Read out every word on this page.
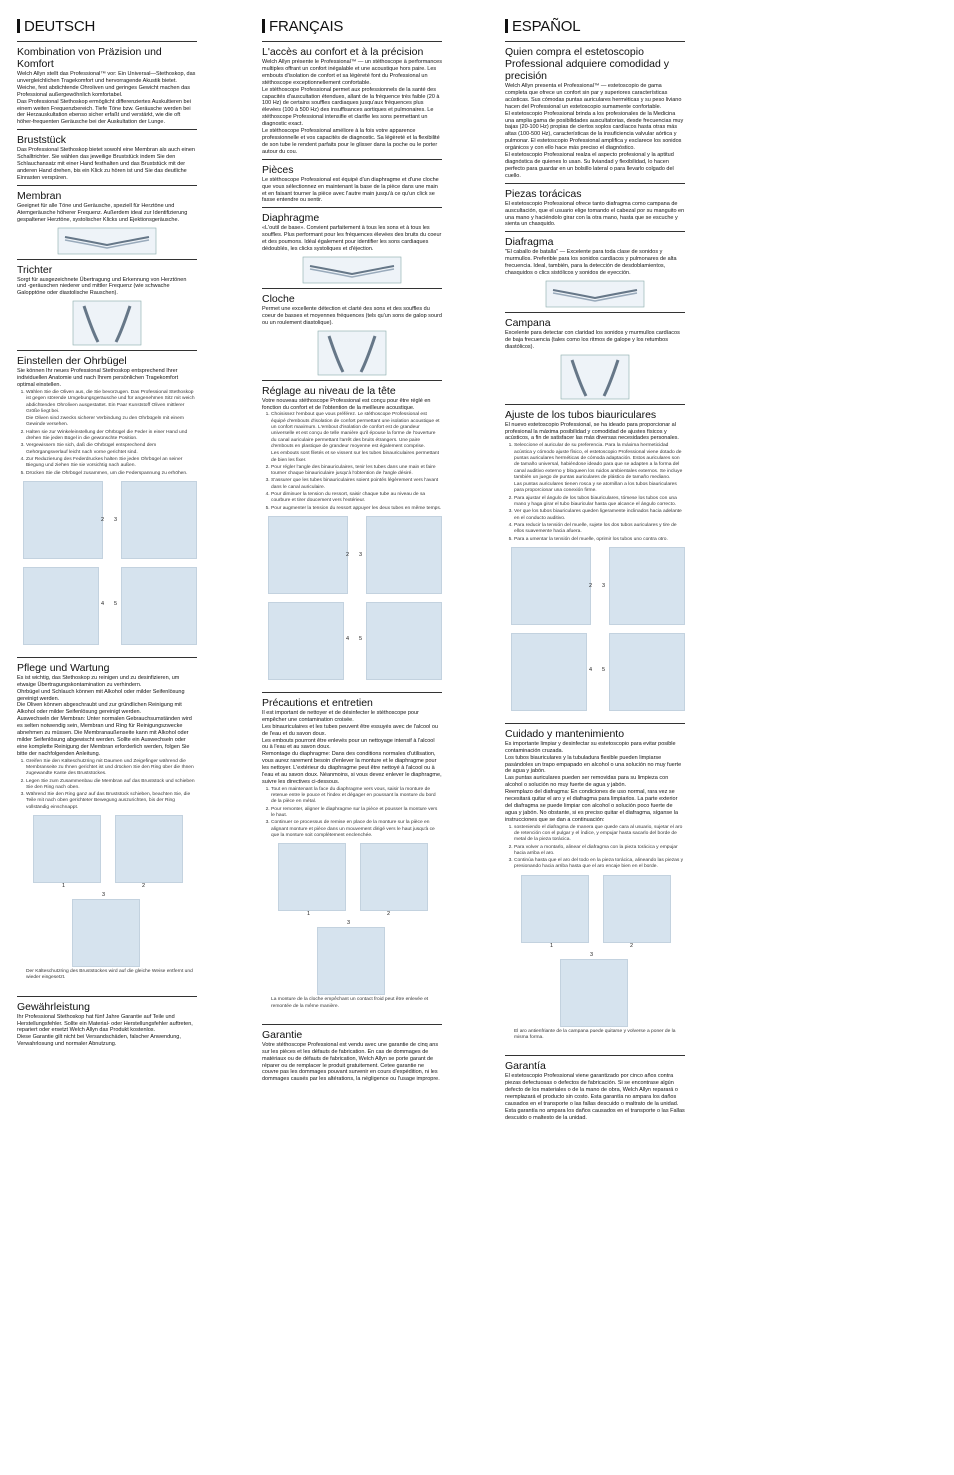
DEUTSCH
Kombination von Präzision und Komfort

Welch Allyn stellt das Professional™ vor: Ein Universal—Stethoskop, das unvergleichlichen Tragekomfort und hervorragende Akustik bietet. Weiche, fest abdichtende Ohroliven und geringes Gewicht machen das Professional außergewöhnlich komfortabel.
Das Professional Stethoskop ermöglicht differenziertes Auskultieren bei einem weiten Frequenzbereich. Tiefe Töne bzw. Geräusche werden bei der Herzauskultation ebenso sicher erfaßt und verstärkt, wie die oft höher-frequenten Geräusche bei der Auskultation der Lunge.

Bruststück

Das Professional Stethoskop bietet sowohl eine Membran als auch einen Schalltrichter. Sie wählen das jeweilige Bruststück indem Sie den Schlauchansatz mit einer Hand festhalten und das Bruststück mit der anderen Hand drehen, bis ein Klick zu hören ist und Sie das deutliche Einrasten verspüren.

Membran

Geeignet für alle Töne und Geräusche, speziell für Herztöne und Atemgeräusche höherer Frequenz. Außerdem ideal zur Identifizierung gespaltener Herztöne, systolischer Klicks und Ejektionsgeräusche.

Trichter

Sorgt für ausgezeichnete Übertragung und Erkennung von Herztönen und -geräuschen niederer und mittler Frequenz (wie schwache Galopptöne oder diastolische Rauschen).

Einstellen der Ohrbügel

Sie können Ihr neues Professional Stethoskop entsprechend Ihrer individuellen Anatomie und nach Ihrem persönlichen Tragekomfort optimal einstellen.

1. Wählen Sie die Oliven aus, die Sie bevorzugen. Das Professional Stethoskop ist gegen störende Umgebungsgeräusche und für angenehmen Sitz mit weich abdichtenden Ohroliven ausgestattet. Ein Paar Kunststoff Oliven mittlerer Größe liegt bei.
Die Oliven sind zwecks sicherer Verbindung zu den Ohrbügeln mit einem Gewinde versehen.
2. Halten sie zur Winkeleinstellung der Ohrbügel die Feder in einer Hand und drehen Sie jeden Bügel in die gewünschte Position.
3. Vergewissern Sie sich, daß die Ohrbügel entsprechend dem Gehörgangsverlauf leicht nach vorne gerichtet sind.
4. Zur Reduzierung des Federdruckes halten Sie jeden Ohrbügel an seiner Biegung und ziehen Sie sie vorsichtig nach außen.
5. Drücken Sie die Ohrbügel zusammen, um die Federspannung zu erhöhen.
2 3
4 5
Pflege und Wartung

Es ist wichtig, das Stethoskop zu reinigen und zu desinfizieren, um etwaige Übertragungskontamination zu verhindern.
Ohrbügel und Schlauch können mit Alkohol oder milder Seifenlösung gereinigt werden.
Die Oliven können abgeschraubt und zur gründlichen Reinigung mit Alkohol oder milder Seifenlösung gereinigt werden.
Auswechseln der Membran: Unter normalen Gebrauchsumständen wird es selten notwendig sein, Membran und Ring für Reinigungszwecke abnehmen zu müssen. Die Membranaußenseite kann mit Alkohol oder milder Seifenlösung abgewischt werden. Sollte ein Auswechseln oder eine komplette Reinigung der Membran erforderlich werden, folgen Sie bitte der nachfolgenden Anleitung.

1. Greifen Sie den Kälteschutzring mit Daumen und Zeigefinger während die Membranseite zu Ihnen gerichtet ist und drücken Sie den Ring über die Ihnen zugewandte Kante des Bruststückes.
2. Legen Sie zum Zusammenbau die Membran auf das Bruststück und schieben Sie den Ring nach oben.
3. Während Sie den Ring ganz auf das Bruststück schieben, beachten Sie, die Teile mit nach oben gerichteter Bewegung auszurichten, bis der Ring vollständig einschnappt.
1	2
3
Der Kälteschutzring des Bruststückes wird auf die gleiche Weise entfernt und wieder eingesetzt.
Gewährleistung

Ihr Professional Stethoskop hat fünf Jahre Garantie auf Teile und Herstellungsfehler. Sollte ein Material- oder Herstellungsfehler auftreten, repariert oder ersetzt Welch Allyn das Produkt kostenlos.
Diese Garantie gilt nicht bei Versandschäden, falscher Anwendung, Verwahrlosung und normaler Abnutzung.

FRANÇAIS
L'accès au confort et à la précision

Welch Allyn présente le Professional™ — un stéthoscope à performances multiples offrant un confort inégalable et une acoustique hors paire. Les embouts d'isolation de confort et sa légèreté font du Professional un stéthoscope exceptionnellement confortable.
Le stéthoscope Professional permet aux professionnels de la santé des capacités d'auscultation étendues, allant de la fréquence très faible (20 à 100 Hz) de certains souffles cardiaques jusqu'aux fréquences plus élevées (100 à 500 Hz) des insuffisances aortiques et pulmonaires. Le stéthoscope Professional intensifie et clarifie les sons permettant un diagnostic exact.
Le stéthoscope Professional améliore à la fois votre apparence professionnelle et vos capacités de diagnostic. Sa légèreté et la flexibilité de son tube le rendent parfaits pour le glisser dans la poche ou le porter autour du cou.

Pièces

Le stéthoscope Professional est équipé d'un diaphragme et d'une cloche que vous sélectionnez en maintenant la base de la pièce dans une main et en faisant tourner la pièce avec l'autre main jusqu'à ce qu'un click se fasse entendre ou sentir.

Diaphragme

«L'outil de base». Convient parfaitement à tous les sons et à tous les souffles. Plus performant pour les fréquences élevées des bruits du coeur et des poumons. Idéal également pour identifier les sons cardiaques dédoublés, les clicks systoliques et d'éjection.

Cloche

Permet une excellente détection et clarté des sons et des souffles du coeur de basses et moyennes fréquences (tels qu'un sons de galop sourd ou un roulement diastolique).

Réglage au niveau de la tête

Votre nouveau stéthoscope Professional est conçu pour être réglé en fonction du confort et de l'obtention de la meilleure acoustique.

1. Choisissez l'embout que vous préférez. Le stéthoscope Professional est équipé d'embouts d'isolation de confort permettant une isolation acoustique et un confort maximum. L'embout d'isolation de confort est de grandeur universelle et est conçu de telle manière qu'il épouse la forme de l'ouverture du canal auriculaire permettant l'arrêt des bruits étrangers. Une paire d'embouts en plastique de grandeur moyenne est également comprise.
Les embouts sont filetés et se vissent sur les tubes binauriculaires permettant de bien les fixer.
2. Pour régler l'angle des binauriculaires, tenir les tubes dans une main et faire tourner chaque binauriculaire jusqu'à l'obtention de l'angle désiré.
3. S'assurer que les tubes binauriculaires soient pointés légèrement vers l'avant dans le canal auriculaire.
4. Pour diminuer la tension du ressort, saisir chaque tube au niveau de sa courbure et tirer doucement vers l'extérieur.
5. Pour augmenter la tension du ressort appuyer les deux tubes en même temps.
2 3
4 5
Précautions et entretien

Il est important de nettoyer et de désinfecter le stéthoscope pour empêcher une contamination croisée.
Les binauriculaires et les tubes peuvent être essuyés avec de l'alcool ou de l'eau et du savon doux.
Les embouts pourront être enlevés pour un nettoyage intensif à l'alcool ou à l'eau et au savon doux.
Remontage du diaphragme: Dans des conditions normales d'utilisation, vous aurez rarement besoin d'enlever la monture et le diaphragme pour les nettoyer. L'extérieur du diaphragme peut être nettoyé à l'alcool ou à l'eau et au savon doux. Néanmoins, si vous devez enlever le diaphragme, suivre les directives ci-dessous.

1. Tout en maintenant la face du diaphragme vers vous, saisir la monture de retenue entre le pouce et l'index et dégager en poussant la monture du bord de la pièce en métal.
2. Pour remonter, aligner le diaphragme sur la pièce et pousser la monture vers le haut.
3. Continuer ce processus de remise en place de la monture sur la pièce en alignant monture et pièce dans un mouvement dirigé vers le haut jusqu'à ce que la monture soit complètement enclenchée.
1	2
3
La monture de la cloche empêchant un contact froid peut être enlevée et remontée de la même manière.
Garantie

Votre stéthoscope Professional est vendu avec une garantie de cinq ans sur les pièces et les défauts de fabrication. En cas de dommages de matériaux ou de défauts de fabrication, Welch Allyn se porte garant de réparer ou de remplacer le produit gratuitement. Cetee garantie ne couvre pas les dommages pouvant survenir en cours d'expédition, ni les dommages causés par les altérations, la négligence ou l'usage impropre.

ESPAÑOL
Quien compra el estetoscopio Professional adquiere comodidad y precisión

Welch Allyn presenta el Professional™ — estetoscopio de gama completa que ofrece un confort sin par y superiores características acústicas. Sus cómodas puntas auriculares herméticas y su peso liviano hacen del Professional un estetoscopio sumamente confortable.
El estetoscopio Professional brinda a los profesionales de la Medicina una amplia gama de posibilidades auscultatorias, desde frecuencias muy bajas (20-100 Hz) propias de ciertos soplos cardíacos hasta otras más altas (100-500 Hz), características de la insuficiencia valvular aórtica y pulmonar. El estetoscopio Professional amplifica y esclarece los sonidos orgánicos y con ello hace más preciso el diagnóstico.
El estetoscopio Professional realza el aspecto profesional y la aptitud diagnóstica de quienes lo usan. Su liviandad y flexibilidad, lo hacen perfecto para guardar en un bolsillo lateral o para llevarlo colgado del cuello.

Piezas torácicas

El estetoscopio Professional ofrece tanto diafragma como campana de auscultación, que el usuario elige tomando el cabezal por su manguito en una mano y haciéndolo girar con la otra mano, hasta que se escuche y sienta un chasquido.

Diafragma

"El caballo de batalla" — Excelente para toda clase de sonidos y murmullos. Preferible para los sonidos cardíacos y pulmonares de alta frecuencia. Ideal, también, para la detección de desdoblamientos, chasquidos o clics sistólicos y sonidos de eyección.

Campana

Excelente para detectar con claridad los sonidos y murmullos cardíacos de baja frecuencia (tales como los ritmos de galope y los retumbos diastólicos).

Ajuste de los tubos biauriculares

El nuevo estetoscopio Professional, se ha ideado para proporcionar al profesional la máxima posibilidad y comodidad de ajustes físicos y acústicos, a fin de satisfacer las más diversas necesidades personales.

1. Seleccione el auricular de su preferencia. Para la máxima hermeticidad acústica y cómodo ajuste físico, el estetoscopio Professional viene dotado de puntas auriculares herméticas de cómoda adaptación. Estos auriculares son de tamaño universal, habiéndose ideado para que se adapten a la forma del canal auditivo externo y bloqueen los ruidos ambientales externos. Se incluye también un juego de puntas auriculares de plástico de tamaño mediano.
Las puntas auriculares tienen rosca y se atornillan a los tubos biauriculares para proporcionar una conexión firme.
2. Para ajustar el ángulo de los tubos biauriculares, tómese los tubos con una mano y haga girar el tubo biauricular hasta que alcance el ángulo correcto.
3. Ver que los tubos biauriculares queden ligeramente inclinados hacia adelante en el conducto auditivo.
4. Para reducir la tensión del muelle, sujete los dos tubos auriculares y tire de ellos suavemente hacia afuera.
5. Para a umentar la tensión del muelle, oprimir los tubos uno contra otro.
2 3
4 5
Cuidado y mantenimiento

Es importante limpiar y desinfectar su estetoscopio para evitar posible contaminación cruzada.
Los tubos biauriculares y la tubuladura flexible pueden limpiarse pasándoles un trapo empapado en alcohol o una solución no muy fuerte de agua y jabón.
Las puntas auriculares pueden ser removidas para su limpieza con alcohol o solución no muy fuerte de agua y jabón.
Reemplazo del diafragma: En condiciones de uso normal, rara vez se necesitará quitar el aro y el diafragma para limpiarlos. La parte exterior del diafragma se puede limpiar con alcohol o solución poco fuerte de agua y jabón. No obstante, si es preciso quitar el diafragma, síganse la instrucciones que se dan a continuación:

1. sosteniendo el diafragma de manera que quede cara al usuario, sujetar el aro de retención con el pulgar y el índice, y empujar hasta sacarlo del borde de metal de la pieza torácica.
2. Para volver a montarlo, alinear el diafragma con la pieza torácica y empujar hacia arriba el aro.
3. Continúa hasta que el aro del todo en la pieza torácica, alineando las piezas y presionando hacia arriba hasta que el aro encaje bien en el borde.
1	2
3
El aro antienfriante de la campana puede quitarse y volverse a poner de la misma forma.
Garantía

El estetoscopio Professional viene garantizado por cinco años contra piezas defectuosas o defectos de fabricación. Si se encontrase algún defecto de los materiales o de la mano de obra, Welch Allyn reparará o reemplazará el producto sin costo. Esta garantía no ampara los daños causados en el transporte o las fallas descuido o maltrato de la unidad.
Esta garantía no ampara los daños causados en el transporte o las Fallas descuido o maltesto de la unidad.
